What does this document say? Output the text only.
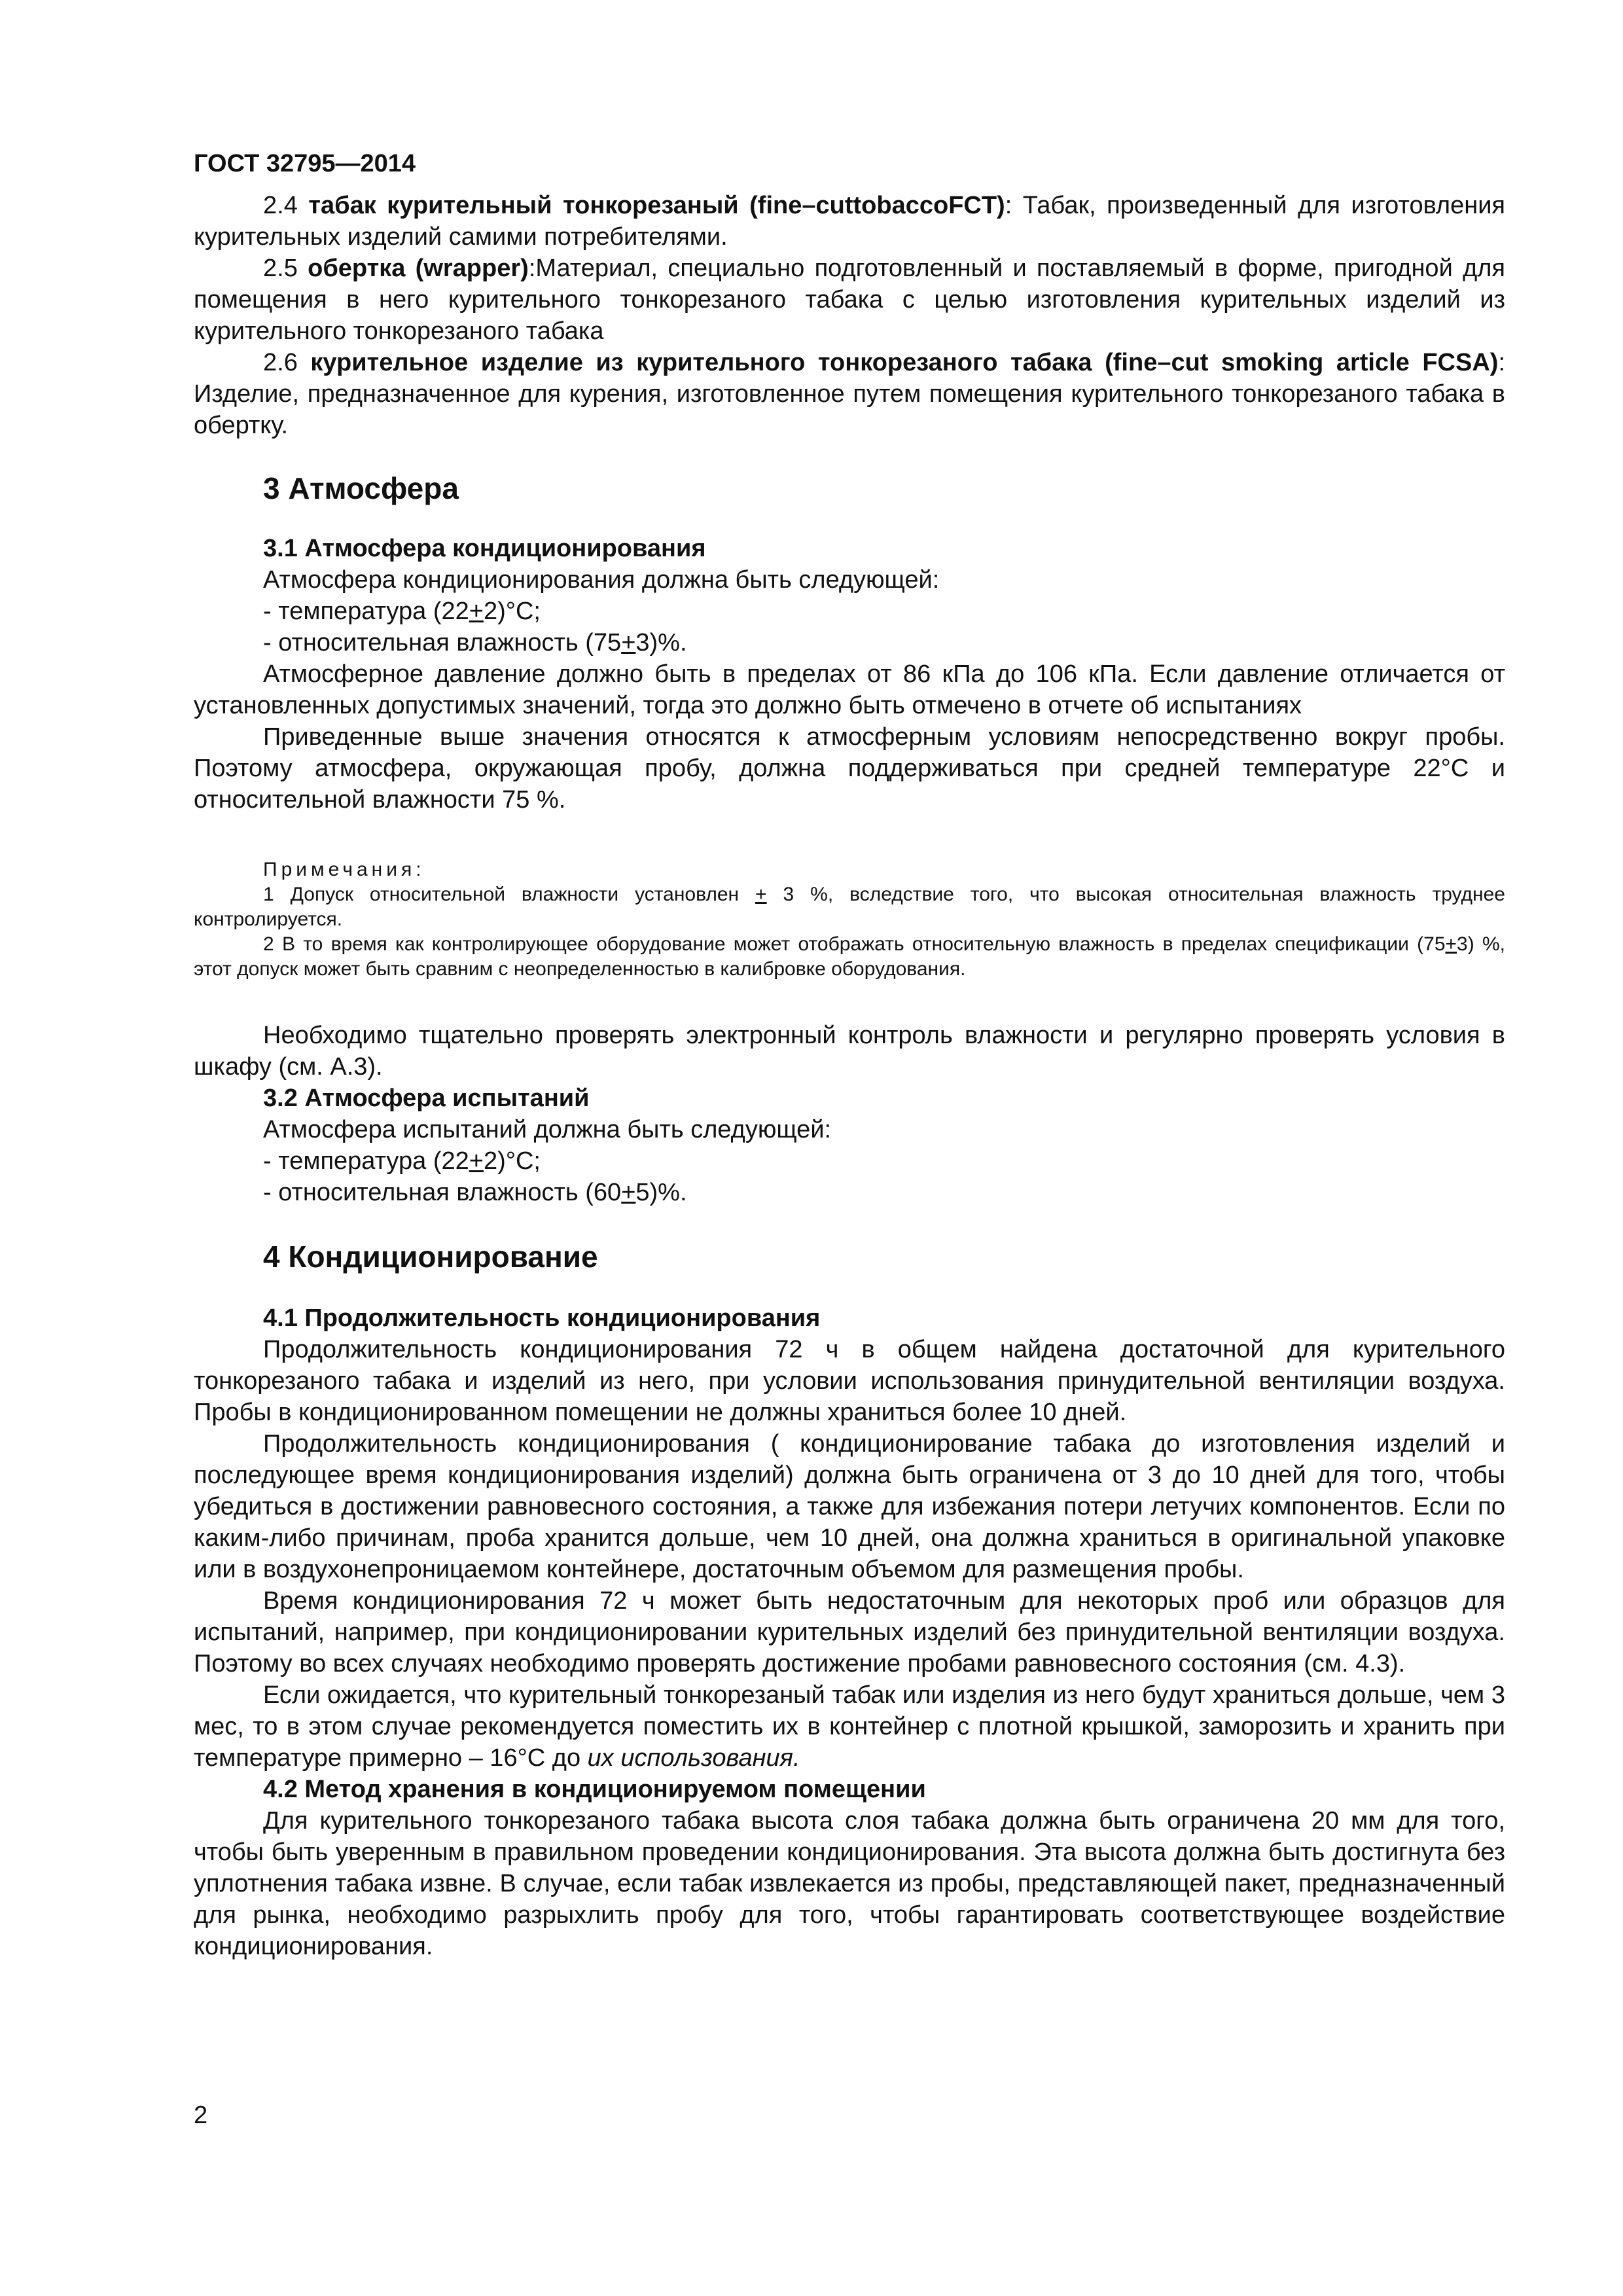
ГОСТ 32795—2014

2.4 табак курительный тонкорезаный (fine–cuttobaccoFCT): Табак, произведенный для изготовления курительных изделий самими потребителями.

2.5 обертка (wrapper):Материал, специально подготовленный и поставляемый в форме, пригодной для помещения в него курительного тонкорезаного табака с целью изготовления курительных изделий из курительного тонкорезаного табака

2.6 курительное изделие из курительного тонкорезаного табака (fine–cut smoking article FCSA): Изделие, предназначенное для курения, изготовленное путем помещения курительного тонкорезаного табака в обертку.

3 Атмосфера
3.1 Атмосфера кондиционирования

Атмосфера кондиционирования должна быть следующей:

- температура (22+2)°С;

- относительная влажность (75+3)%.

Атмосферное давление должно быть в пределах от 86 кПа до 106 кПа. Если давление отличается от установленных допустимых значений, тогда это должно быть отмечено в отчете об испытаниях

Приведенные выше значения относятся к атмосферным условиям непосредственно вокруг пробы. Поэтому атмосфера, окружающая пробу, должна поддерживаться при средней температуре 22°С и относительной влажности 75 %.

Примечания:

1 Допуск относительной влажности установлен + 3 %, вследствие того, что высокая относительная влажность труднее контролируется.

2 В то время как контролирующее оборудование может отображать относительную влажность в пределах спецификации (75+3) %, этот допуск может быть сравним с неопределенностью в калибровке оборудования.

Необходимо тщательно проверять электронный контроль влажности и регулярно проверять условия в шкафу (см. А.3).

3.2 Атмосфера испытаний

Атмосфера испытаний должна быть следующей:

- температура (22+2)°С;

- относительная влажность (60+5)%.

4 Кондиционирование
4.1 Продолжительность кондиционирования

Продолжительность кондиционирования 72 ч в общем найдена достаточной для курительного тонкорезаного табака и изделий из него, при условии использования принудительной вентиляции воздуха. Пробы в кондиционированном помещении не должны храниться более 10 дней.

Продолжительность кондиционирования ( кондиционирование табака до изготовления изделий и последующее время кондиционирования изделий) должна быть ограничена от 3 до 10 дней для того, чтобы убедиться в достижении равновесного состояния, а также для избежания потери летучих компонентов. Если по каким-либо причинам, проба хранится дольше, чем 10 дней, она должна храниться в оригинальной упаковке или в воздухонепроницаемом контейнере, достаточным объемом для размещения пробы.

Время кондиционирования 72 ч может быть недостаточным для некоторых проб или образцов для испытаний, например, при кондиционировании курительных изделий без принудительной вентиляции воздуха. Поэтому во всех случаях необходимо проверять достижение пробами равновесного состояния (см. 4.3).

Если ожидается, что курительный тонкорезаный табак или изделия из него будут храниться дольше, чем 3 мес, то в этом случае рекомендуется поместить их в контейнер с плотной крышкой, заморозить и хранить при температуре примерно – 16°С до их использования.

4.2 Метод хранения в кондиционируемом помещении

Для курительного тонкорезаного табака высота слоя табака должна быть ограничена 20 мм для того, чтобы быть уверенным в правильном проведении кондиционирования. Эта высота должна быть достигнута без уплотнения табака извне. В случае, если табак извлекается из пробы, представляющей пакет, предназначенный для рынка, необходимо разрыхлить пробу для того, чтобы гарантировать соответствующее воздействие кондиционирования.

2
